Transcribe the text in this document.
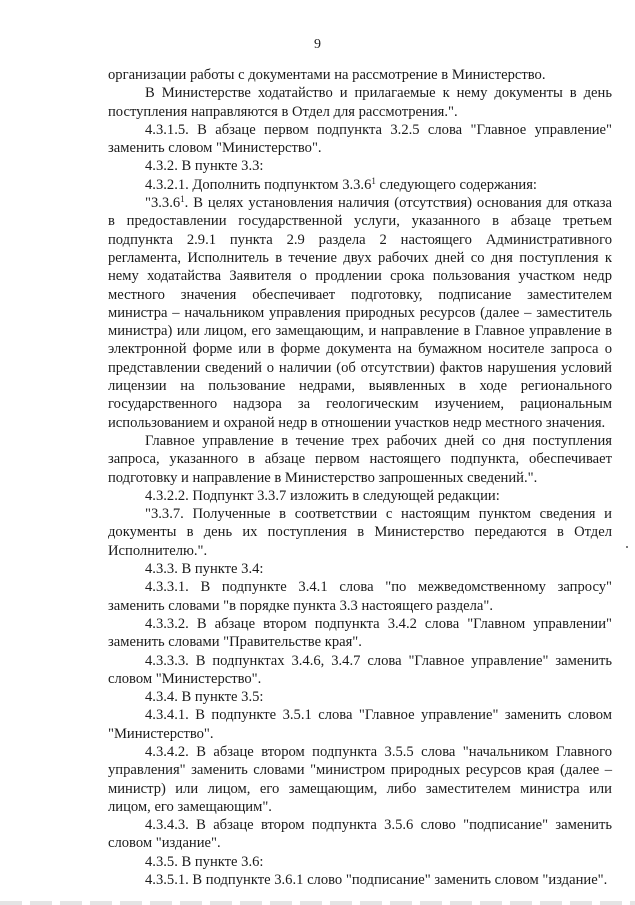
9

организации работы с документами на рассмотрение в Министерство.

В Министерстве ходатайство и прилагаемые к нему документы в день поступления направляются в Отдел для рассмотрения.".

4.3.1.5. В абзаце первом подпункта 3.2.5 слова "Главное управление" заменить словом "Министерство".

4.3.2. В пункте 3.3:

4.3.2.1. Дополнить подпунктом 3.3.6$^1$ следующего содержания:

"3.3.6$^1$. В целях установления наличия (отсутствия) основания для отказа в предоставлении государственной услуги, указанного в абзаце третьем подпункта 2.9.1 пункта 2.9 раздела 2 настоящего Административного регламента, Исполнитель в течение двух рабочих дней со дня поступления к нему ходатайства Заявителя о продлении срока пользования участком недр местного значения обеспечивает подготовку, подписание заместителем министра – начальником управления природных ресурсов (далее – заместитель министра) или лицом, его замещающим, и направление в Главное управление в электронной форме или в форме документа на бумажном носителе запроса о представлении сведений о наличии (об отсутствии) фактов нарушения условий лицензии на пользование недрами, выявленных в ходе регионального государственного надзора за геологическим изучением, рациональным использованием и охраной недр в отношении участков недр местного значения.

Главное управление в течение трех рабочих дней со дня поступления запроса, указанного в абзаце первом настоящего подпункта, обеспечивает подготовку и направление в Министерство запрошенных сведений.".

4.3.2.2. Подпункт 3.3.7 изложить в следующей редакции:

"3.3.7. Полученные в соответствии с настоящим пунктом сведения и документы в день их поступления в Министерство передаются в Отдел Исполнителю.".

4.3.3. В пункте 3.4:

4.3.3.1. В подпункте 3.4.1 слова "по межведомственному запросу" заменить словами "в порядке пункта 3.3 настоящего раздела".

4.3.3.2. В абзаце втором подпункта 3.4.2 слова "Главном управлении" заменить словами "Правительстве края".

4.3.3.3. В подпунктах 3.4.6, 3.4.7 слова "Главное управление" заменить словом "Министерство".

4.3.4. В пункте 3.5:

4.3.4.1. В подпункте 3.5.1 слова "Главное управление" заменить словом "Министерство".

4.3.4.2. В абзаце втором подпункта 3.5.5 слова "начальником Главного управления" заменить словами "министром природных ресурсов края (далее – министр) или лицом, его замещающим, либо заместителем министра или лицом, его замещающим".

4.3.4.3. В абзаце втором подпункта 3.5.6 слово "подписание" заменить словом "издание".

4.3.5. В пункте 3.6:

4.3.5.1. В подпункте 3.6.1 слово "подписание" заменить словом "издание".
